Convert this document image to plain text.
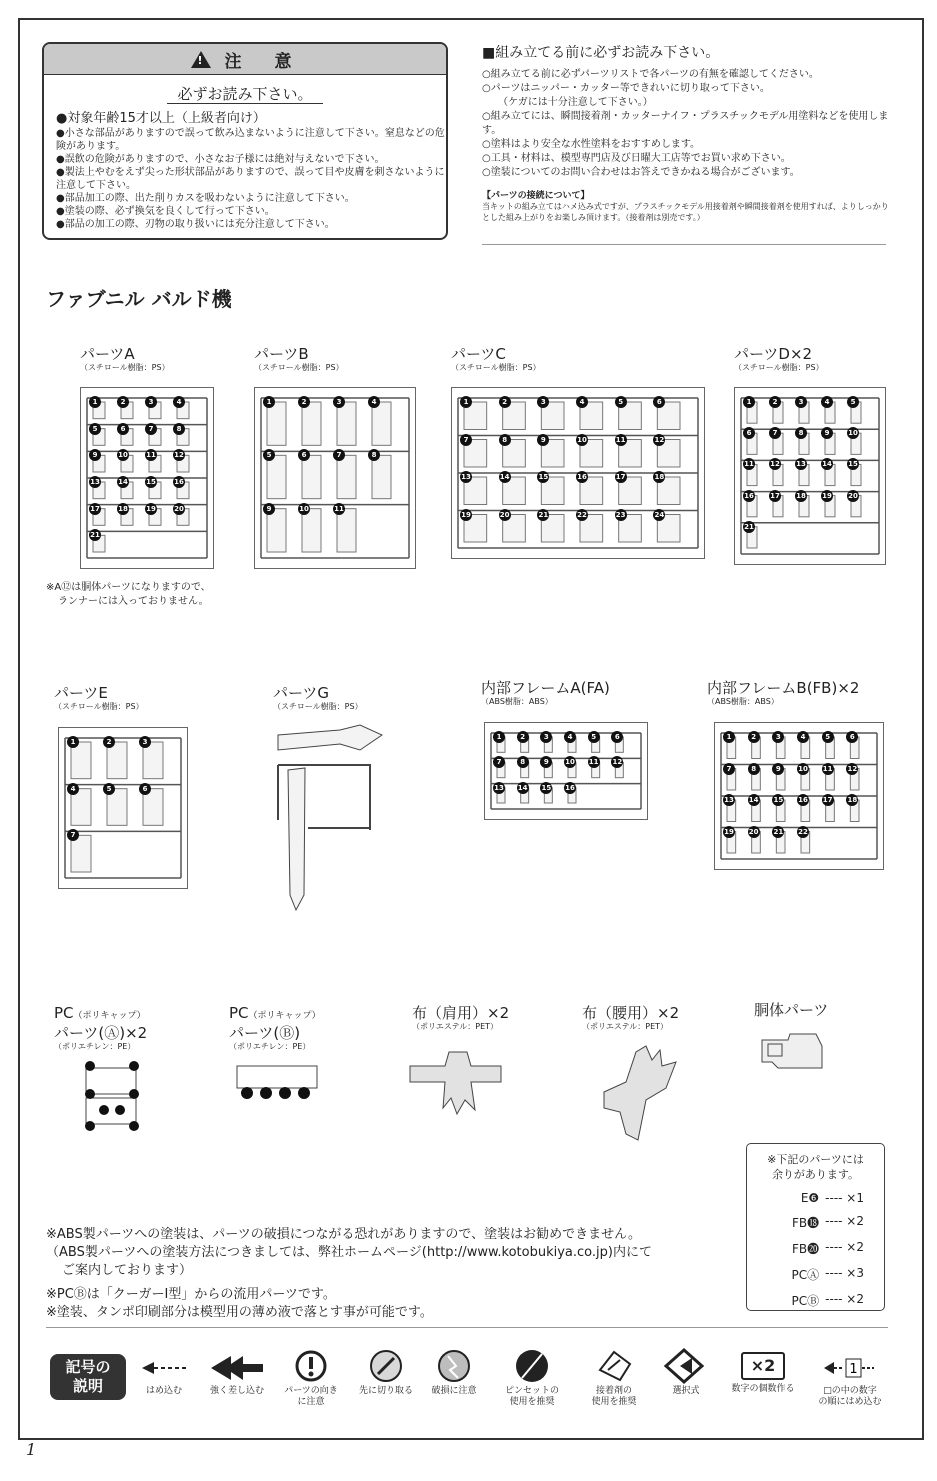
!
注　意
必ずお読み下さい。
●対象年齢15才以上（上級者向け）
●小さな部品がありますので誤って飲み込まないように注意して下さい。窒息などの危険があります。
●誤飲の危険がありますので、小さなお子様には絶対与えないで下さい。
●製法上やむをえず尖った形状部品がありますので、誤って目や皮膚を刺さないように注意して下さい。
●部品加工の際、出た削りカスを吸わないように注意して下さい。
●塗装の際、必ず換気を良くして行って下さい。
●部品の加工の際、刃物の取り扱いには充分注意して下さい。
■組み立てる前に必ずお読み下さい。
○組み立てる前に必ずパーツリストで各パーツの有無を確認してください。
○パーツはニッパー・カッター等できれいに切り取って下さい。
（ケガには十分注意して下さい。）
○組み立てには、瞬間接着剤・カッターナイフ・プラスチックモデル用塗料などを使用します。
○塗料はより安全な水性塗料をおすすめします。
○工具・材料は、模型専門店及び日曜大工店等でお買い求め下さい。
○塗装についてのお問い合わせはお答えできかねる場合がございます。
【パーツの接続について】
当キットの組み立てはハメ込み式ですが、プラスチックモデル用接着剤や瞬間接着剤を使用すれば、よりしっかりとした組み上がりをお楽しみ頂けます。（接着剤は別売です。）
ファブニル バルド機
パーツA
（スチロール樹脂：PS）
1	2	3	4
5	6	7	8
9	10	11	12
13	14	15	16
17	18	19	20
21
パーツB
（スチロール樹脂：PS）
1	2	3	4
5	6	7	8
9	10	11
パーツC
（スチロール樹脂：PS）
1	2	3	4	5	6
7	8	9	10	11	12
13	14	15	16	17	18
19	20	21	22	23	24
パーツD×2
（スチロール樹脂：PS）
1	2	3	4	5
6	7	8	9	10
11 12 13 14 15
16 17 18 19 20
21
※A⑫は胴体パーツになりますので、
ランナーには入っておりません。
パーツE
（スチロール樹脂：PS）
1	2	3
4	5	6
7
パーツG
（スチロール樹脂：PS）
内部フレームA(FA)
（ABS樹脂：ABS）
1	2	3	4	5	6
7	8	9	10 11 12
13 14 15 16
内部フレームB(FB)×2
（ABS樹脂：ABS）
1	2	3	4	5	6
7	8	9	10 11 12
13 14 15 16 17 18
19 20 21 22
PC（ポリキャップ）
パーツ(Ⓐ)×2
（ポリエチレン：PE）
PC（ポリキャップ）
パーツ(Ⓑ)
（ポリエチレン：PE）
布（肩用）×2
（ポリエステル：PET）
布（腰用）×2
（ポリエステル：PET）
胴体パーツ
※下記のパーツには
余りがあります。
E❻ ---- ×1
FB⓲ ---- ×2
FB⓴ ---- ×2
PCⒶ ---- ×3
PCⒷ ---- ×2
※ABS製パーツへの塗装は、パーツの破損につながる恐れがありますので、塗装はお勧めできません。
（ABS製パーツへの塗装方法につきましては、弊社ホームページ(http://www.kotobukiya.co.jp)内にて
ご案内しております）
※PCⒷは「クーガーI型」からの流用パーツです。
※塗装、タンポ印刷部分は模型用の薄め液で落とす事が可能です。
記号の
説明	はめ込む	強く差し込む	パーツの向き
に注意
先に切り取る	破損に注意	ピンセットの
使用を推奨
接着剤の
使用を推奨
選択式
×2
数字の個数作る
1
□の中の数字
の順にはめ込む
1
